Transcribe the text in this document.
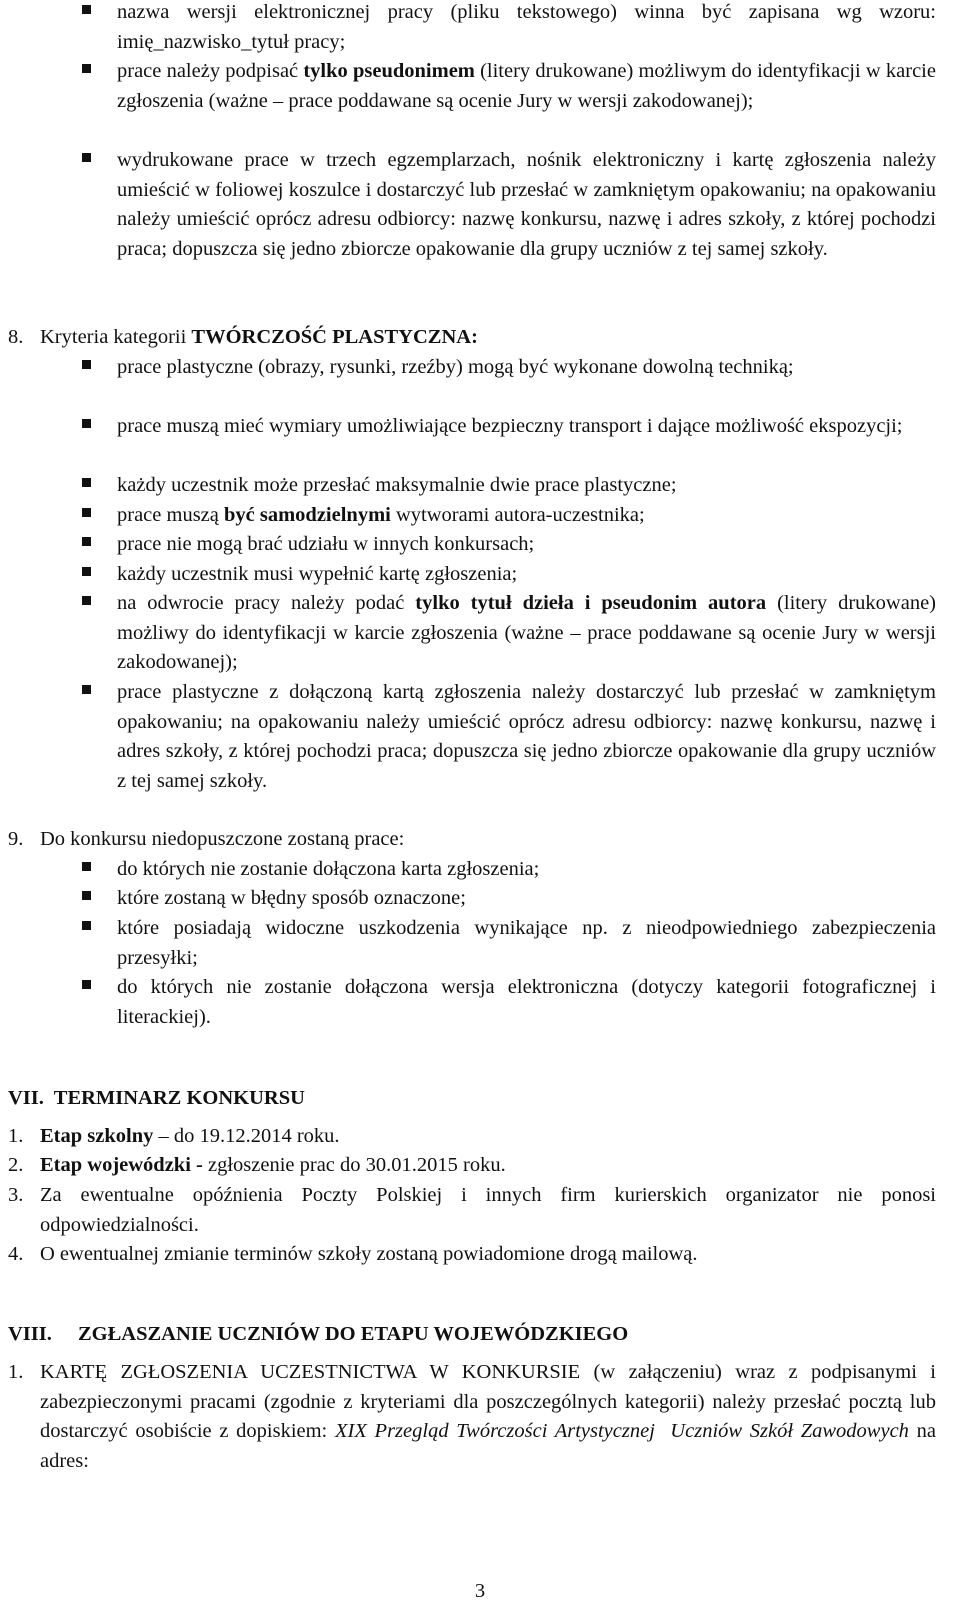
nazwa wersji elektronicznej pracy (pliku tekstowego) winna być zapisana wg wzoru: imię_nazwisko_tytuł pracy;

prace należy podpisać tylko pseudonimem (litery drukowane) możliwym do identyfikacji w karcie zgłoszenia (ważne – prace poddawane są ocenie Jury w wersji zakodowanej);

wydrukowane prace w trzech egzemplarzach, nośnik elektroniczny i kartę zgłoszenia należy umieścić w foliowej koszulce i dostarczyć lub przesłać w zamkniętym opakowaniu; na opakowaniu należy umieścić oprócz adresu odbiorcy: nazwę konkursu, nazwę i adres szkoły, z której pochodzi praca; dopuszcza się jedno zbiorcze opakowanie dla grupy uczniów z tej samej szkoły.

8. Kryteria kategorii TWÓRCZOŚĆ PLASTYCZNA:

prace plastyczne (obrazy, rysunki, rzeźby) mogą być wykonane dowolną techniką;

prace muszą mieć wymiary umożliwiające bezpieczny transport i dające możliwość ekspozycji;

każdy uczestnik może przesłać maksymalnie dwie prace plastyczne;

prace muszą być samodzielnymi wytworami autora-uczestnika;

prace nie mogą brać udziału w innych konkursach;

każdy uczestnik musi wypełnić kartę zgłoszenia;

na odwrocie pracy należy podać tylko tytuł dzieła i pseudonim autora (litery drukowane) możliwy do identyfikacji w karcie zgłoszenia (ważne – prace poddawane są ocenie Jury w wersji zakodowanej);

prace plastyczne z dołączoną kartą zgłoszenia należy dostarczyć lub przesłać w zamkniętym opakowaniu; na opakowaniu należy umieścić oprócz adresu odbiorcy: nazwę konkursu, nazwę i adres szkoły, z której pochodzi praca; dopuszcza się jedno zbiorcze opakowanie dla grupy uczniów z tej samej szkoły.

9. Do konkursu niedopuszczone zostaną prace:

do których nie zostanie dołączona karta zgłoszenia;

które zostaną w błędny sposób oznaczone;

które posiadają widoczne uszkodzenia wynikające np. z nieodpowiedniego zabezpieczenia przesyłki;

do których nie zostanie dołączona wersja elektroniczna (dotyczy kategorii fotograficznej i literackiej).

VII.  TERMINARZ KONKURSU

1. Etap szkolny – do 19.12.2014 roku.

2. Etap wojewódzki - zgłoszenie prac do 30.01.2015 roku.

3. Za ewentualne opóźnienia Poczty Polskiej i innych firm kurierskich organizator nie ponosi odpowiedzialności.

4. O ewentualnej zmianie terminów szkoły zostaną powiadomione drogą mailową.

VIII. ZGŁASZANIE UCZNIÓW DO ETAPU WOJEWÓDZKIEGO

1. KARTĘ ZGŁOSZENIA UCZESTNICTWA W KONKURSIE (w załączeniu) wraz z podpisanymi i zabezpieczonymi pracami (zgodnie z kryteriami dla poszczególnych kategorii) należy przesłać pocztą lub dostarczyć osobiście z dopiskiem: XIX Przegląd Twórczości Artystycznej  Uczniów Szkół Zawodowych na adres:

3
